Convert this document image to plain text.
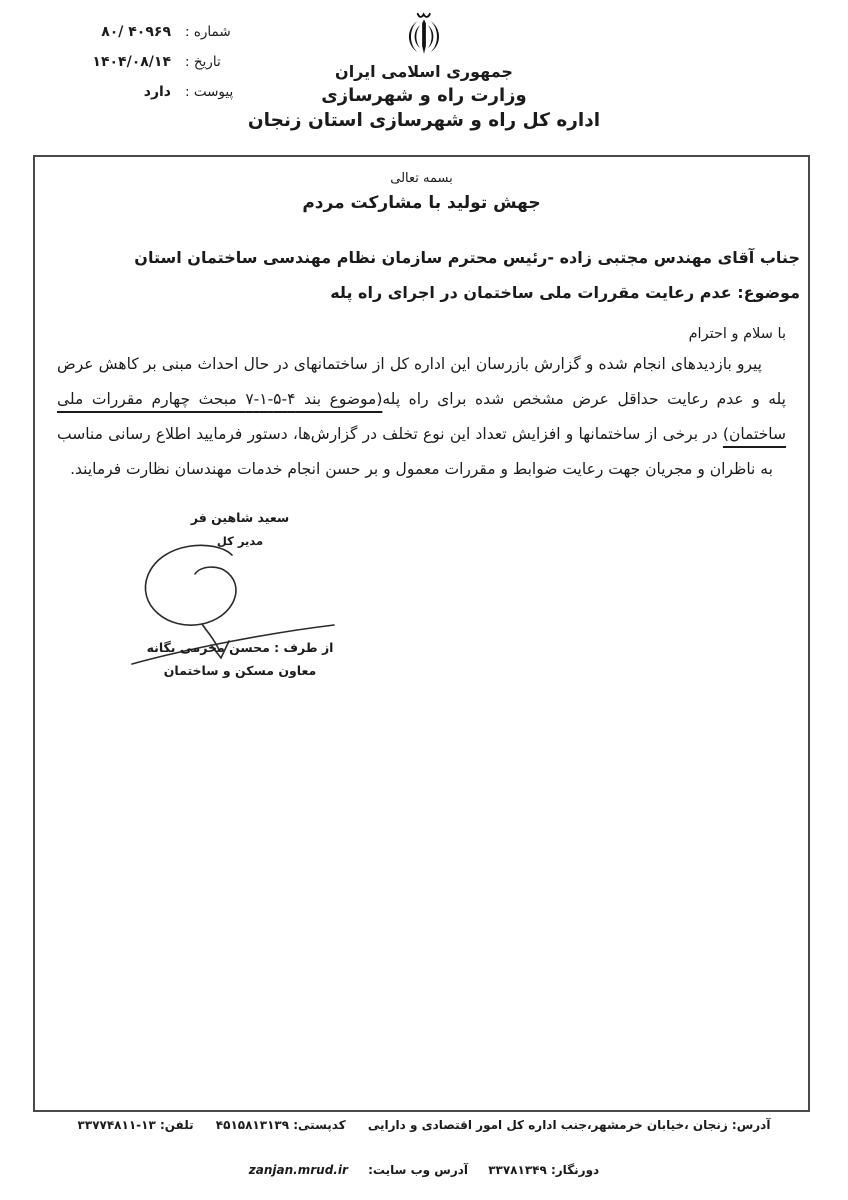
شماره :
۸۰/ ۴۰۹۶۹
تاریخ :
۱۴۰۴/۰۸/۱۴
پیوست :
دارد
جمهوری اسلامی ایران
وزارت راه و شهرسازی
اداره کل راه و شهرسازی استان زنجان
بسمه تعالی
جهش تولید با مشارکت مردم
جناب آقای مهندس مجتبی زاده -رئیس محترم سازمان نظام مهندسی ساختمان استان
موضوع: عدم رعایت مقررات ملی ساختمان در اجرای راه پله
با سلام و احترام
پیرو بازدیدهای انجام شده و گزارش بازرسان این اداره کل از ساختمانهای در حال احداث مبنی بر کاهش عرض پله و عدم رعایت حداقل عرض مشخص شده برای راه پله(موضوع بند ۴-۵-۱-۷ مبحث چهارم مقررات ملی ساختمان) در برخی از ساختمانها و افزایش تعداد این نوع تخلف در گزارش‌ها، دستور فرمایید اطلاع رسانی مناسب به ناظران و مجریان جهت رعایت ضوابط و مقررات معمول و بر حسن انجام خدمات مهندسان نظارت فرمایند.
سعید شاهین فر
مدیر کل
از طرف : محسن محرمی یگانه
معاون مسکن و ساختمان
آدرس: زنجان ،خیابان خرمشهر،جنب اداره کل امور اقتصادی و دارایی کدپستی: ۴۵۱۵۸۱۳۱۳۹ تلفن: ۱۳-۳۳۷۷۴۸۱۱
دورنگار: ۳۳۷۸۱۳۴۹ آدرس وب سایت: zanjan.mrud.ir
